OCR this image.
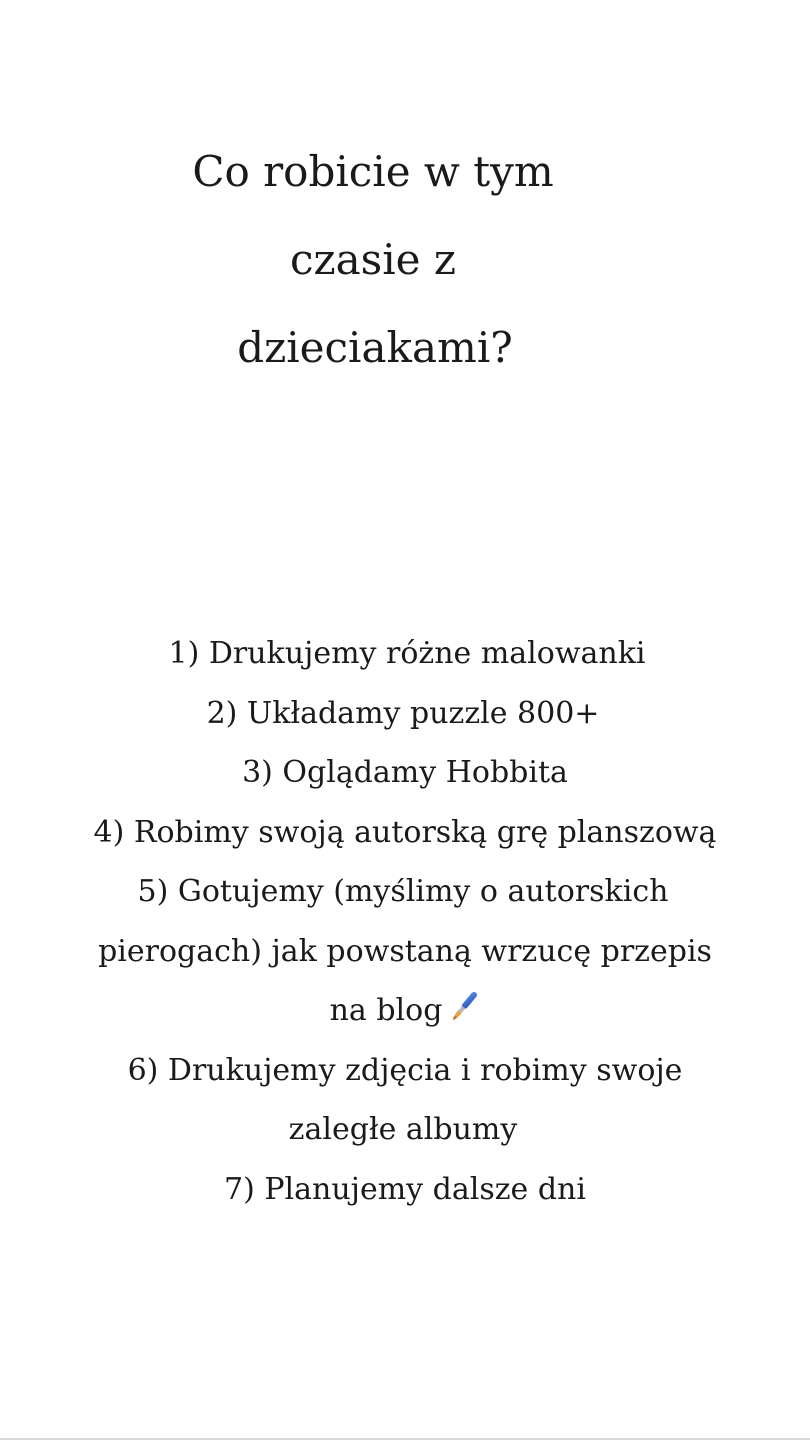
Co robicie w tym
czasie z
dzieciakami?
1) Drukujemy różne malowanki
2) Układamy puzzle 800+
3) Oglądamy Hobbita
4) Robimy swoją autorską grę planszową
5) Gotujemy (myślimy o autorskich
pierogach) jak powstaną wrzucę przepis
na blog
6) Drukujemy zdjęcia i robimy swoje
zaległe albumy
7) Planujemy dalsze dni
